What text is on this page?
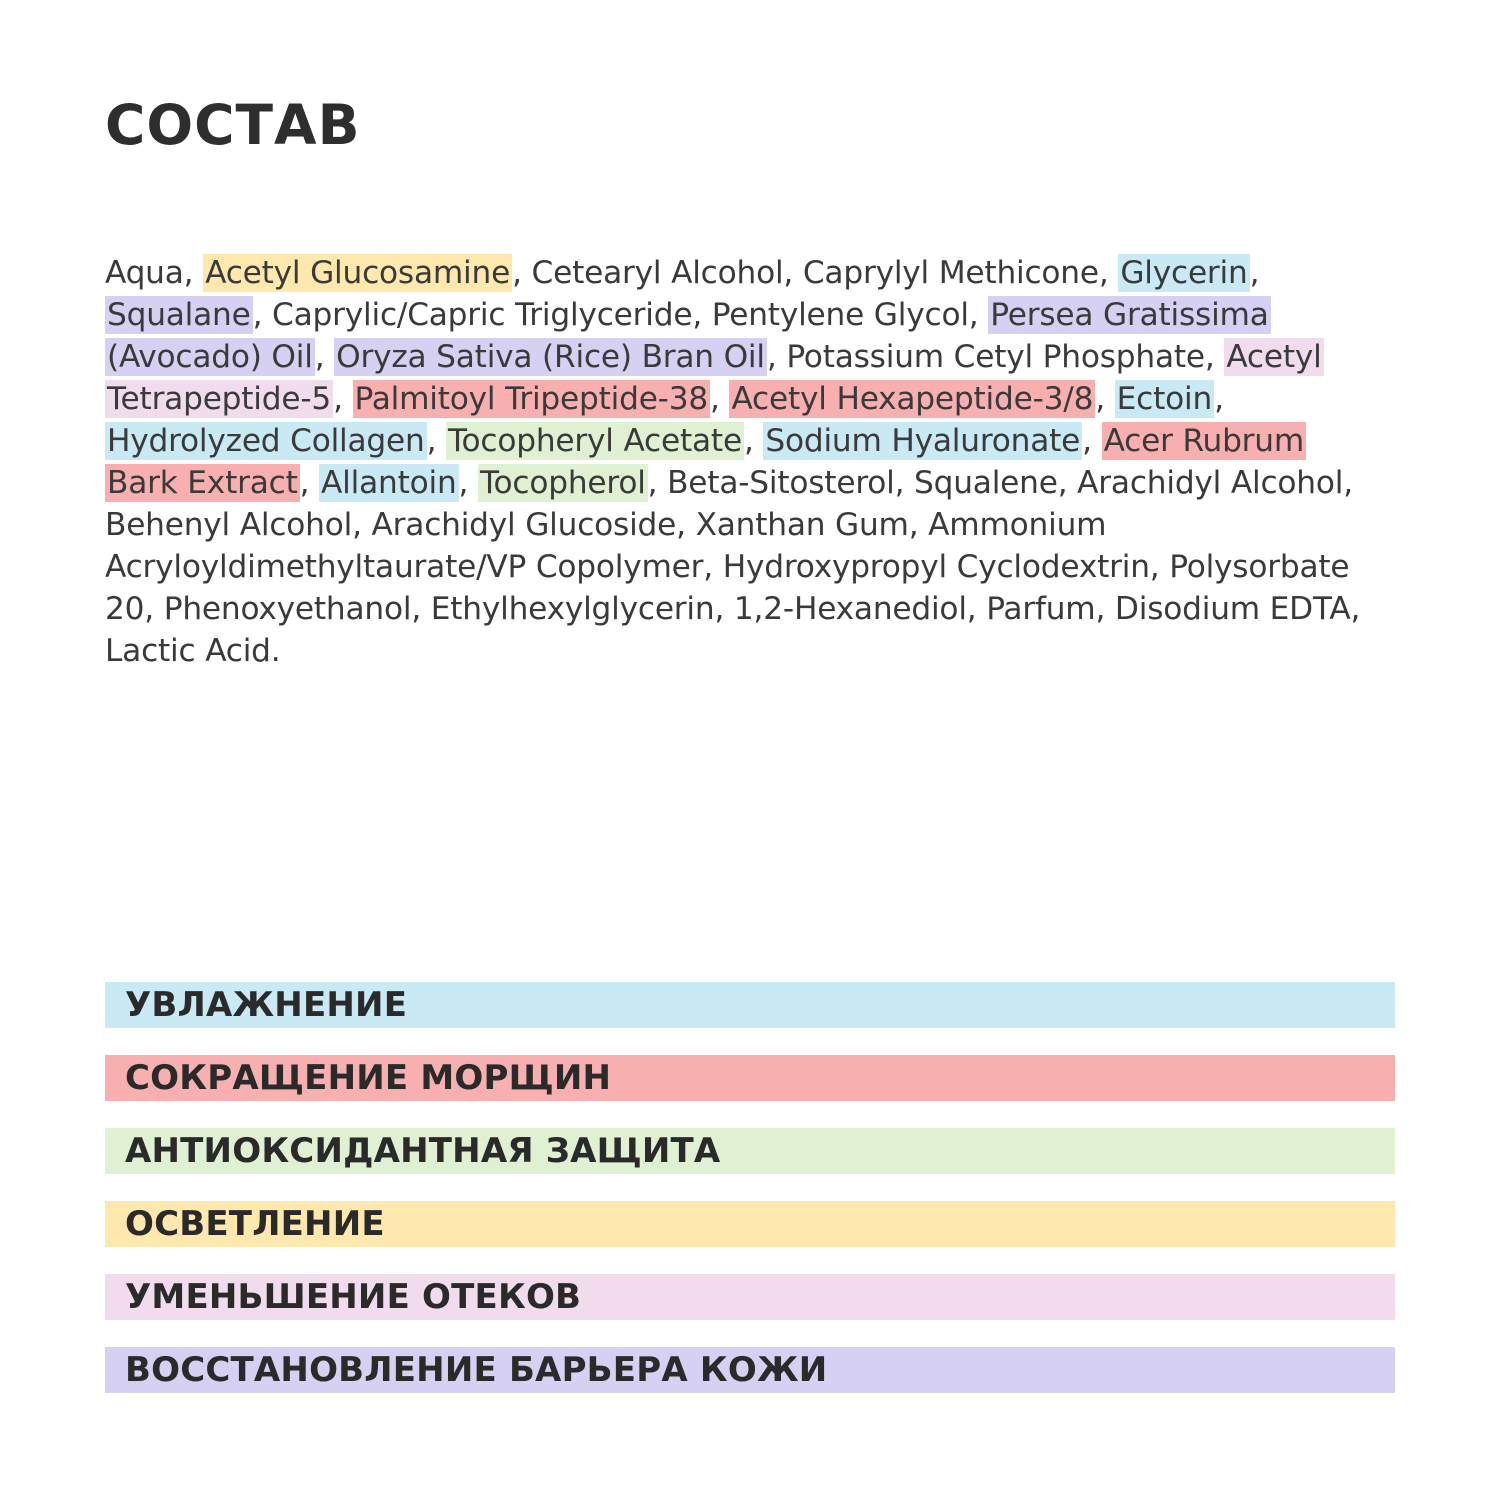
СОСТАВ

Aqua, Acetyl Glucosamine, Cetearyl Alcohol, Caprylyl Methicone, Glycerin, Squalane, Caprylic/Capric Triglyceride, Pentylene Glycol, Persea Gratissima (Avocado) Oil, Oryza Sativa (Rice) Bran Oil, Potassium Cetyl Phosphate, Acetyl Tetrapeptide-5, Palmitoyl Tripeptide-38, Acetyl Hexapeptide-3/8, Ectoin, Hydrolyzed Collagen, Tocopheryl Acetate, Sodium Hyaluronate, Acer Rubrum Bark Extract, Allantoin, Tocopherol, Beta-Sitosterol, Squalene, Arachidyl Alcohol, Behenyl Alcohol, Arachidyl Glucoside, Xanthan Gum, Ammonium Acryloyldimethyltaurate/VP Copolymer, Hydroxypropyl Cyclodextrin, Polysorbate 20, Phenoxyethanol, Ethylhexylglycerin, 1,2-Hexanediol, Parfum, Disodium EDTA, Lactic Acid.

УВЛАЖНЕНИЕ
СОКРАЩЕНИЕ МОРЩИН
АНТИОКСИДАНТНАЯ ЗАЩИТА
ОСВЕТЛЕНИЕ
УМЕНЬШЕНИЕ ОТЕКОВ
ВОССТАНОВЛЕНИЕ БАРЬЕРА КОЖИ
